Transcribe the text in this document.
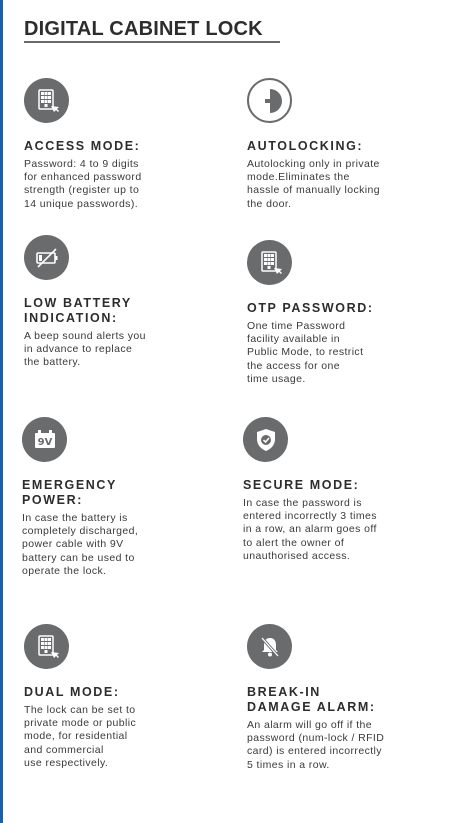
DIGITAL CABINET LOCK
ACCESS MODE:
Password: 4 to 9 digits
for enhanced password
strength (register up to
14 unique passwords).
AUTOLOCKING:
Autolocking only in private
mode.Eliminates the
hassle of manually locking
the door.
LOW BATTERY
INDICATION:
A beep sound alerts you
in advance to replace
the battery.
OTP PASSWORD:
One time Password
facility available in
Public Mode, to restrict
the access for one
time usage.
9V
EMERGENCY
POWER:
In case the battery is
completely discharged,
power cable with 9V
battery can be used to
operate the lock.
SECURE MODE:
In case the password is
entered incorrectly 3 times
in a row, an alarm goes off
to alert the owner of
unauthorised access.
DUAL MODE:
The lock can be set to
private mode or public
mode, for residential
and commercial
use respectively.
BREAK-IN
DAMAGE ALARM:
An alarm will go off if the
password (num-lock / RFID
card) is entered incorrectly
5 times in a row.
